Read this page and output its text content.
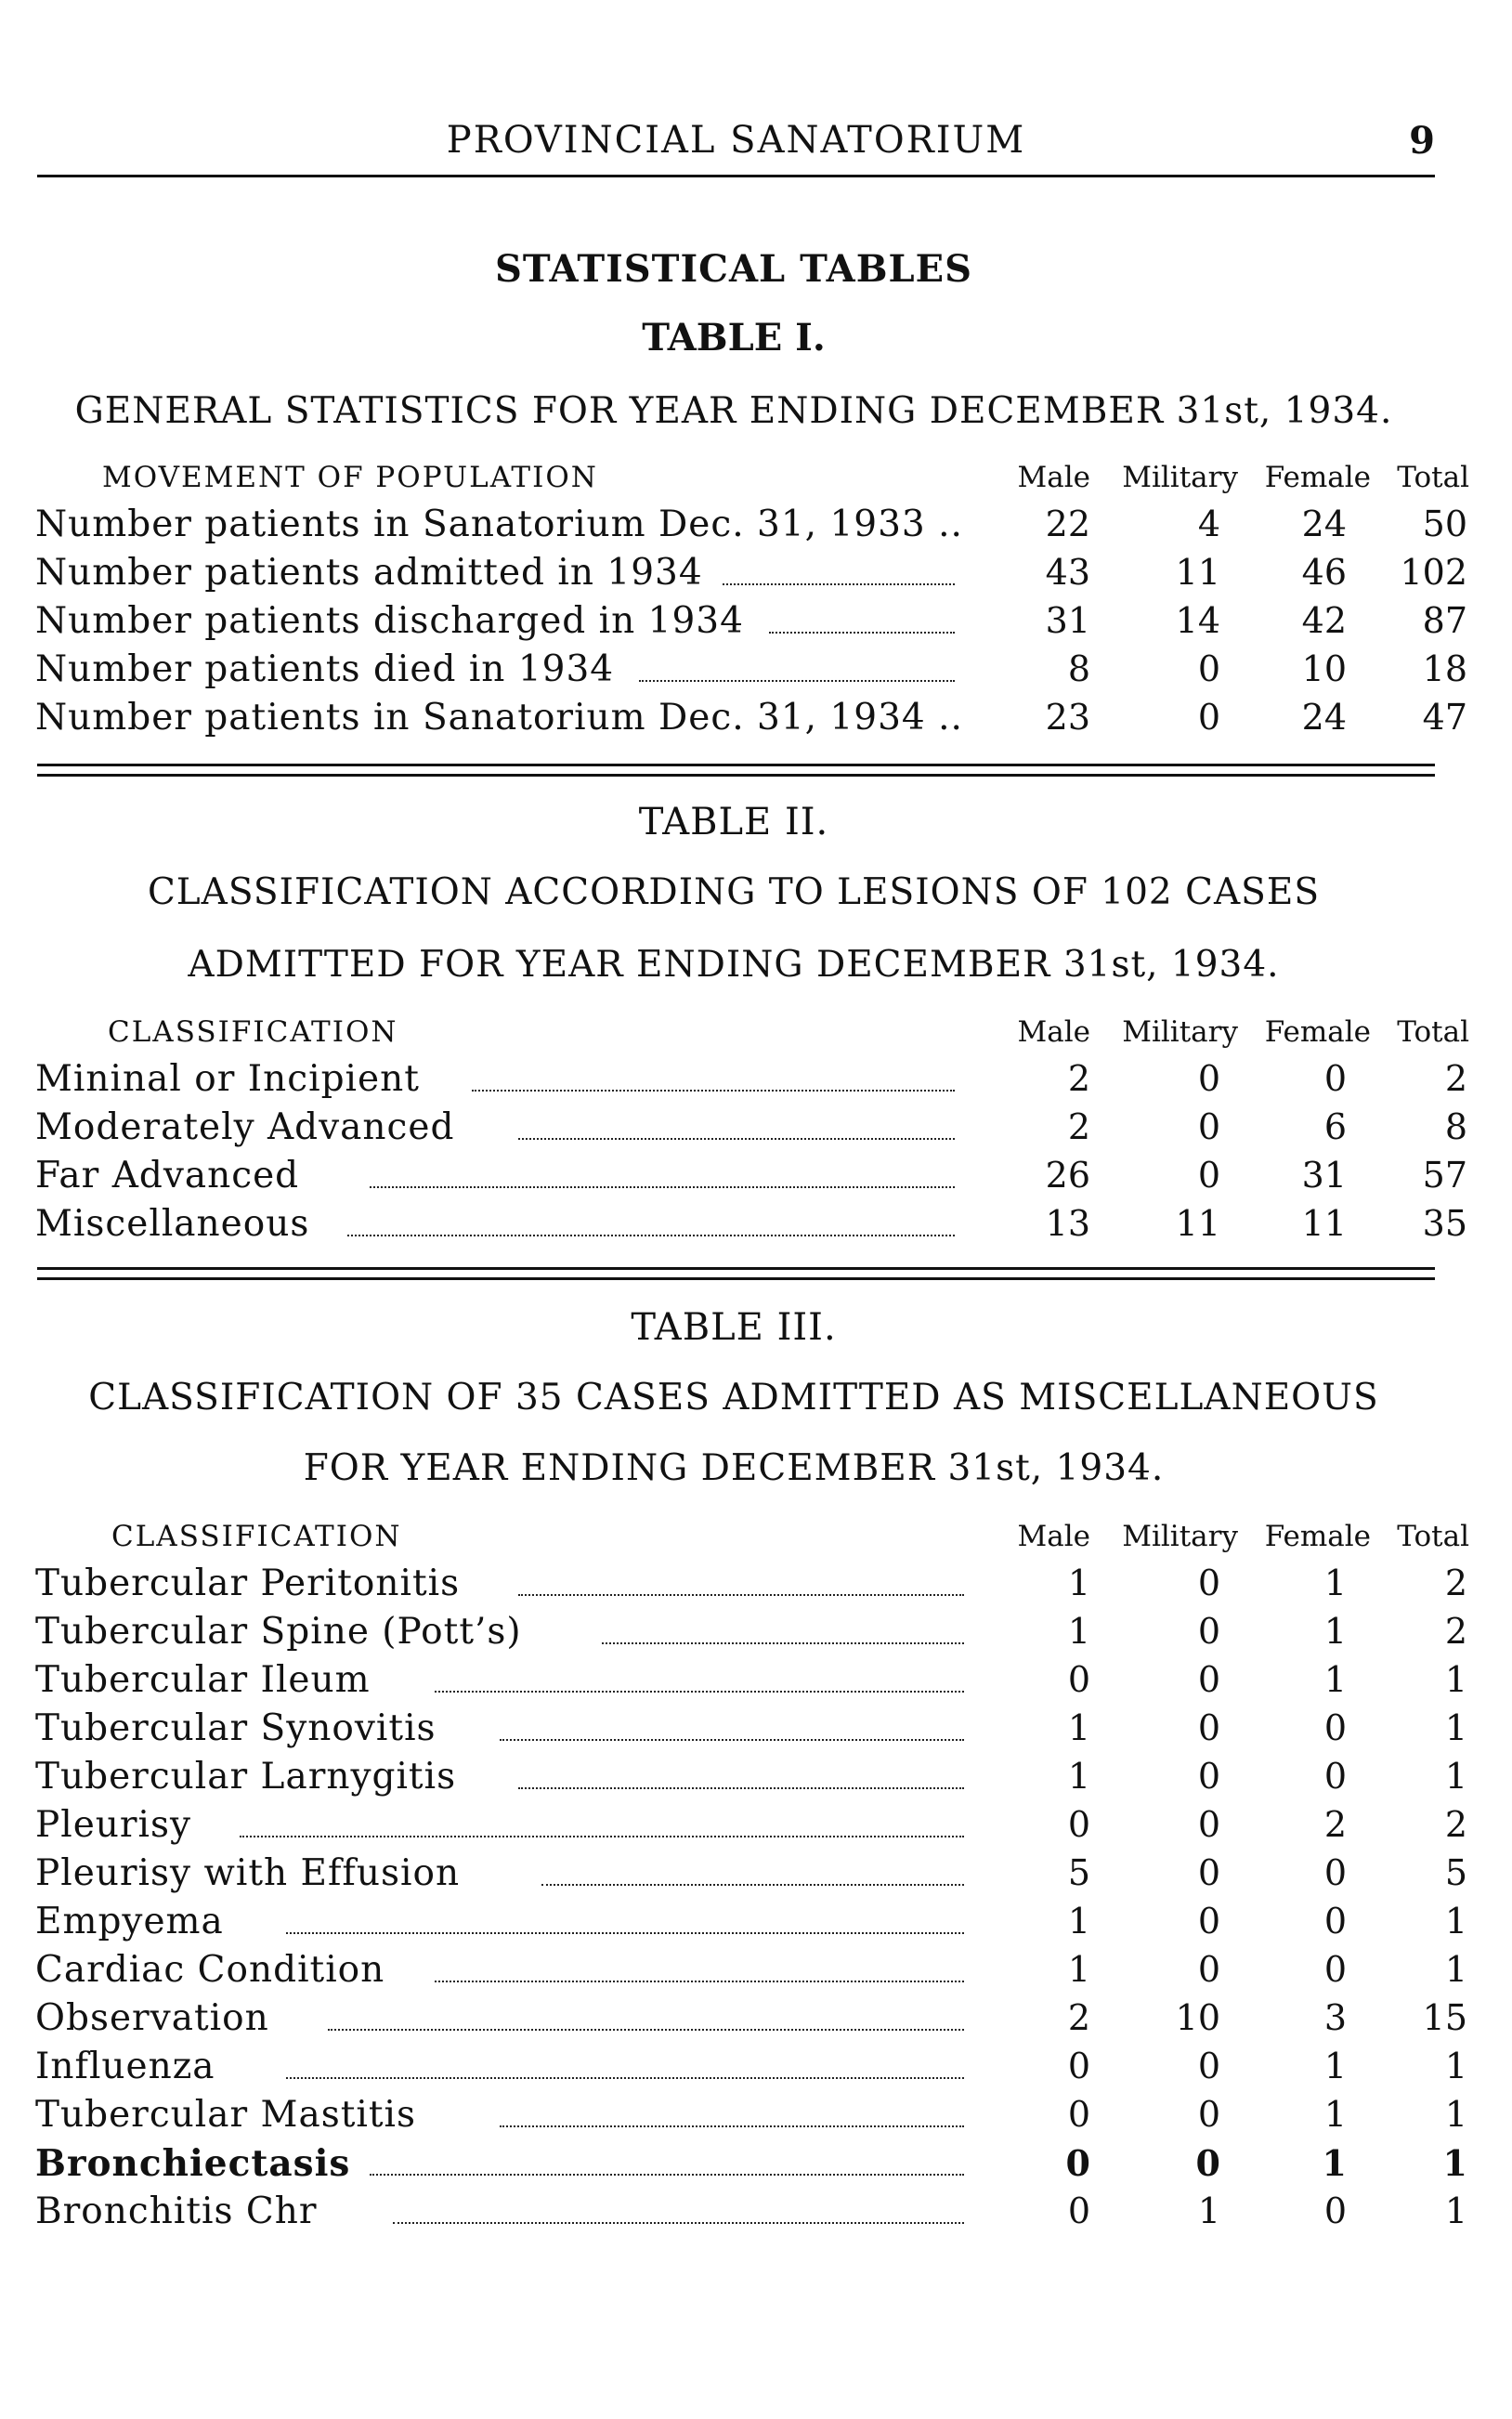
PROVINCIAL SANATORIUM	9
STATISTICAL TABLES
TABLE I.
GENERAL STATISTICS FOR YEAR ENDING DECEMBER 31st, 1934.
MOVEMENT OF POPULATION	Male	Military Female Total
Number patients in Sanatorium Dec. 31, 1933 ..	22	4	24	50
Number patients admitted in 1934	43	11	46	102
Number patients discharged in 1934	31	14	42	87
Number patients died in 1934	8	0	10	18
Number patients in Sanatorium Dec. 31, 1934 ..	23	0	24	47
TABLE II.
CLASSIFICATION ACCORDING TO LESIONS OF 102 CASES
ADMITTED FOR YEAR ENDING DECEMBER 31st, 1934.
CLASSIFICATION	Male	Military Female Total
Mininal or Incipient	2	0	0	2
Moderately Advanced	2	0	6	8
Far Advanced	26	0	31	57
Miscellaneous	13	11	11	35
TABLE III.
CLASSIFICATION OF 35 CASES ADMITTED AS MISCELLANEOUS
FOR YEAR ENDING DECEMBER 31st, 1934.
CLASSIFICATION	Male	Military Female Total
Tubercular Peritonitis	1	0	1	2
Tubercular Spine (Pott’s)	1	0	1	2
Tubercular Ileum	0	0	1	1
Tubercular Synovitis	1	0	0	1
Tubercular Larnygitis	1	0	0	1
Pleurisy	0	0	2	2
Pleurisy with Effusion	5	0	0	5
Empyema	1	0	0	1
Cardiac Condition	1	0	0	1
Observation	2	10	3	15
Influenza	0	0	1	1
Tubercular Mastitis	0	0	1	1
Bronchiectasis	0	0	1	1
Bronchitis Chr	0	1	0	1
